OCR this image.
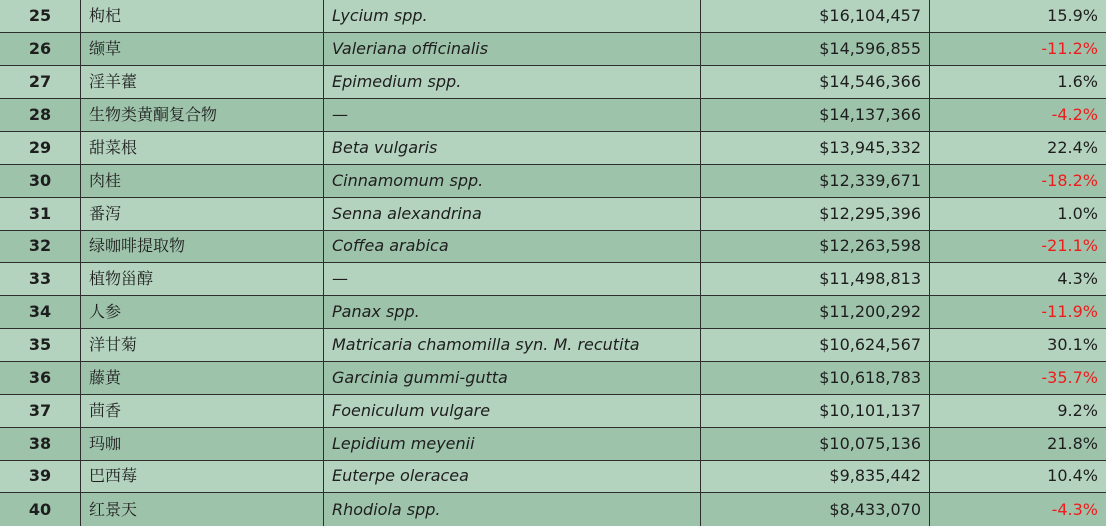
25	枸杞	Lycium spp.	$16,104,457	15.9%
26	缬草	Valeriana officinalis	$14,596,855	-11.2%
27	淫羊藿	Epimedium spp.	$14,546,366	1.6%
28	生物类黄酮复合物	—	$14,137,366	-4.2%
29	甜菜根	Beta vulgaris	$13,945,332	22.4%
30	肉桂	Cinnamomum spp.	$12,339,671	-18.2%
31	番泻	Senna alexandrina	$12,295,396	1.0%
32	绿咖啡提取物	Coffea arabica	$12,263,598	-21.1%
33	植物甾醇	—	$11,498,813	4.3%
34	人参	Panax spp.	$11,200,292	-11.9%
35	洋甘菊	Matricaria chamomilla syn. M. recutita	$10,624,567	30.1%
36	藤黄	Garcinia gummi-gutta	$10,618,783	-35.7%
37	茴香	Foeniculum vulgare	$10,101,137	9.2%
38	玛咖	Lepidium meyenii	$10,075,136	21.8%
39	巴西莓	Euterpe oleracea	$9,835,442	10.4%
40	红景天	Rhodiola spp.	$8,433,070	-4.3%
